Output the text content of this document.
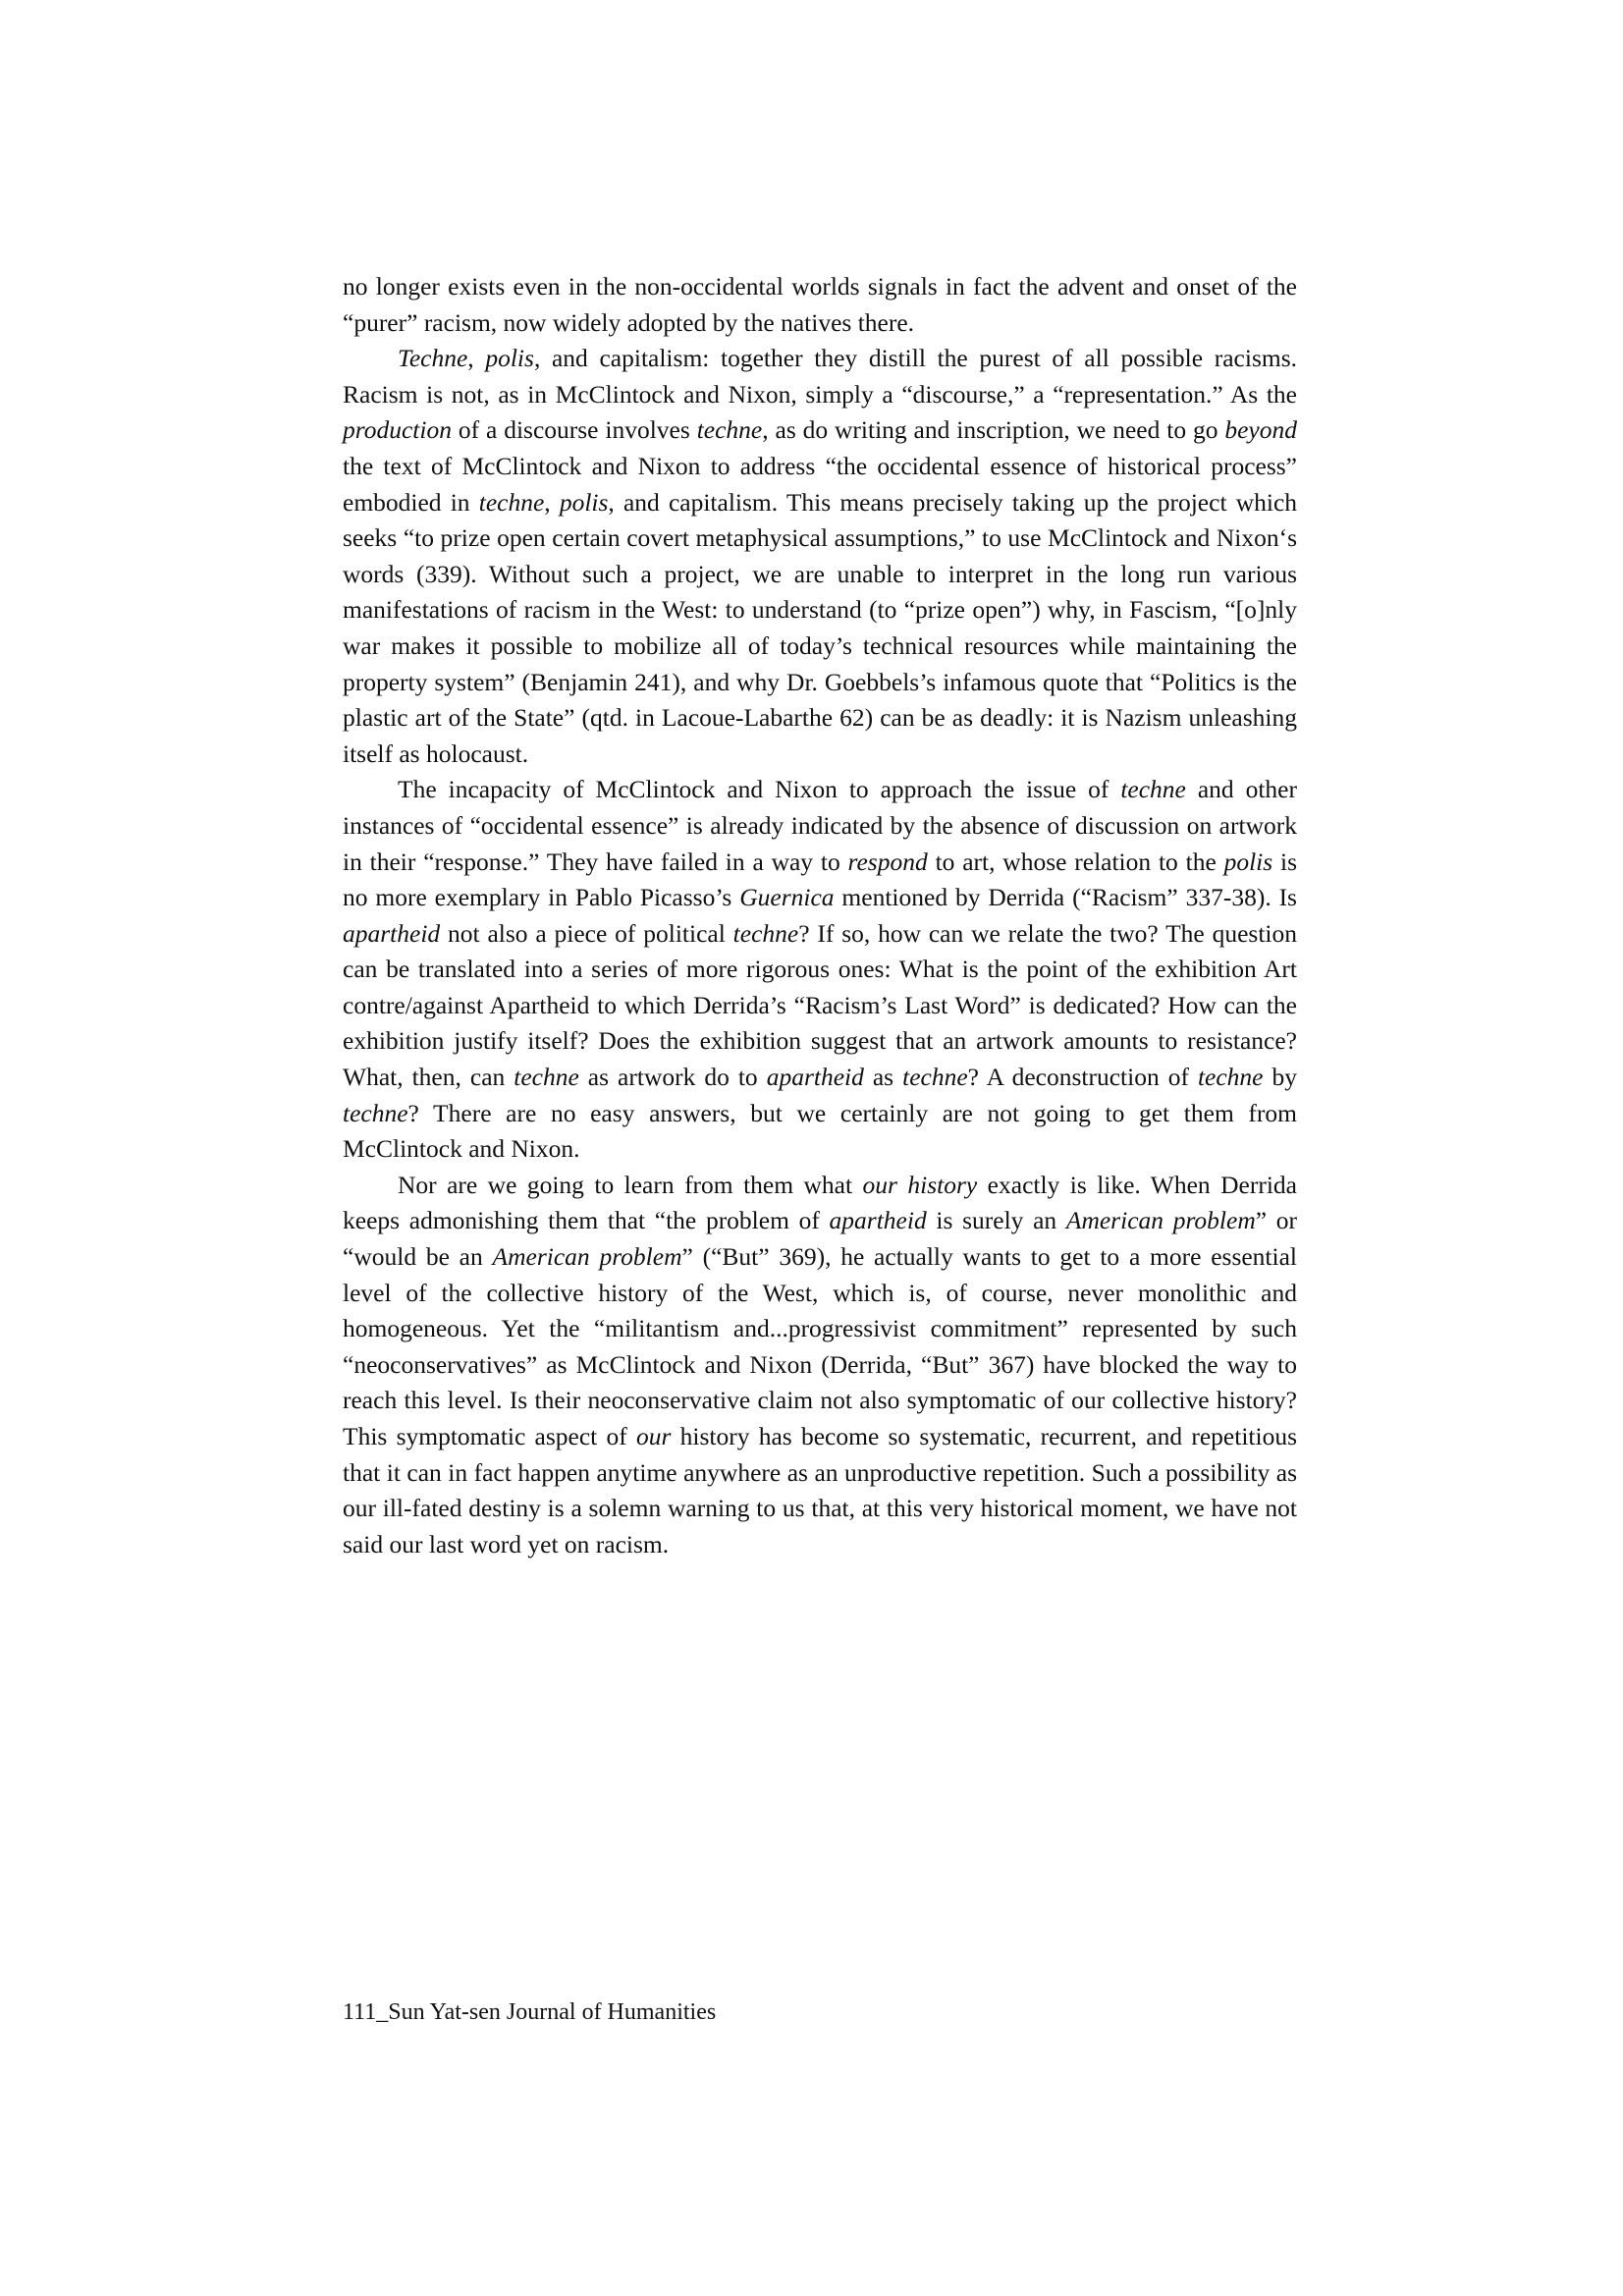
no longer exists even in the non-occidental worlds signals in fact the advent and onset of the “purer” racism, now widely adopted by the natives there.

Techne, polis, and capitalism: together they distill the purest of all possible racisms. Racism is not, as in McClintock and Nixon, simply a “discourse,” a “representation.” As the production of a discourse involves techne, as do writing and inscription, we need to go beyond the text of McClintock and Nixon to address “the occidental essence of historical process” embodied in techne, polis, and capitalism. This means precisely taking up the project which seeks “to prize open certain covert metaphysical assumptions,” to use McClintock and Nixon‘s words (339). Without such a project, we are unable to interpret in the long run various manifestations of racism in the West: to understand (to “prize open”) why, in Fascism, “[o]nly war makes it possible to mobilize all of today’s technical resources while maintaining the property system” (Benjamin 241), and why Dr. Goebbels’s infamous quote that “Politics is the plastic art of the State” (qtd. in Lacoue-Labarthe 62) can be as deadly: it is Nazism unleashing itself as holocaust.

The incapacity of McClintock and Nixon to approach the issue of techne and other instances of “occidental essence” is already indicated by the absence of discussion on artwork in their “response.” They have failed in a way to respond to art, whose relation to the polis is no more exemplary in Pablo Picasso’s Guernica mentioned by Derrida (“Racism” 337-38). Is apartheid not also a piece of political techne? If so, how can we relate the two? The question can be translated into a series of more rigorous ones: What is the point of the exhibition Art contre/against Apartheid to which Derrida’s “Racism’s Last Word” is dedicated? How can the exhibition justify itself? Does the exhibition suggest that an artwork amounts to resistance? What, then, can techne as artwork do to apartheid as techne? A deconstruction of techne by techne? There are no easy answers, but we certainly are not going to get them from McClintock and Nixon.

Nor are we going to learn from them what our history exactly is like. When Derrida keeps admonishing them that “the problem of apartheid is surely an American problem” or “would be an American problem” (“But” 369), he actually wants to get to a more essential level of the collective history of the West, which is, of course, never monolithic and homogeneous. Yet the “militantism and...progressivist commitment” represented by such “neoconservatives” as McClintock and Nixon (Derrida, “But” 367) have blocked the way to reach this level. Is their neoconservative claim not also symptomatic of our collective history? This symptomatic aspect of our history has become so systematic, recurrent, and repetitious that it can in fact happen anytime anywhere as an unproductive repetition. Such a possibility as our ill-fated destiny is a solemn warning to us that, at this very historical moment, we have not said our last word yet on racism.

111_Sun Yat-sen Journal of Humanities
